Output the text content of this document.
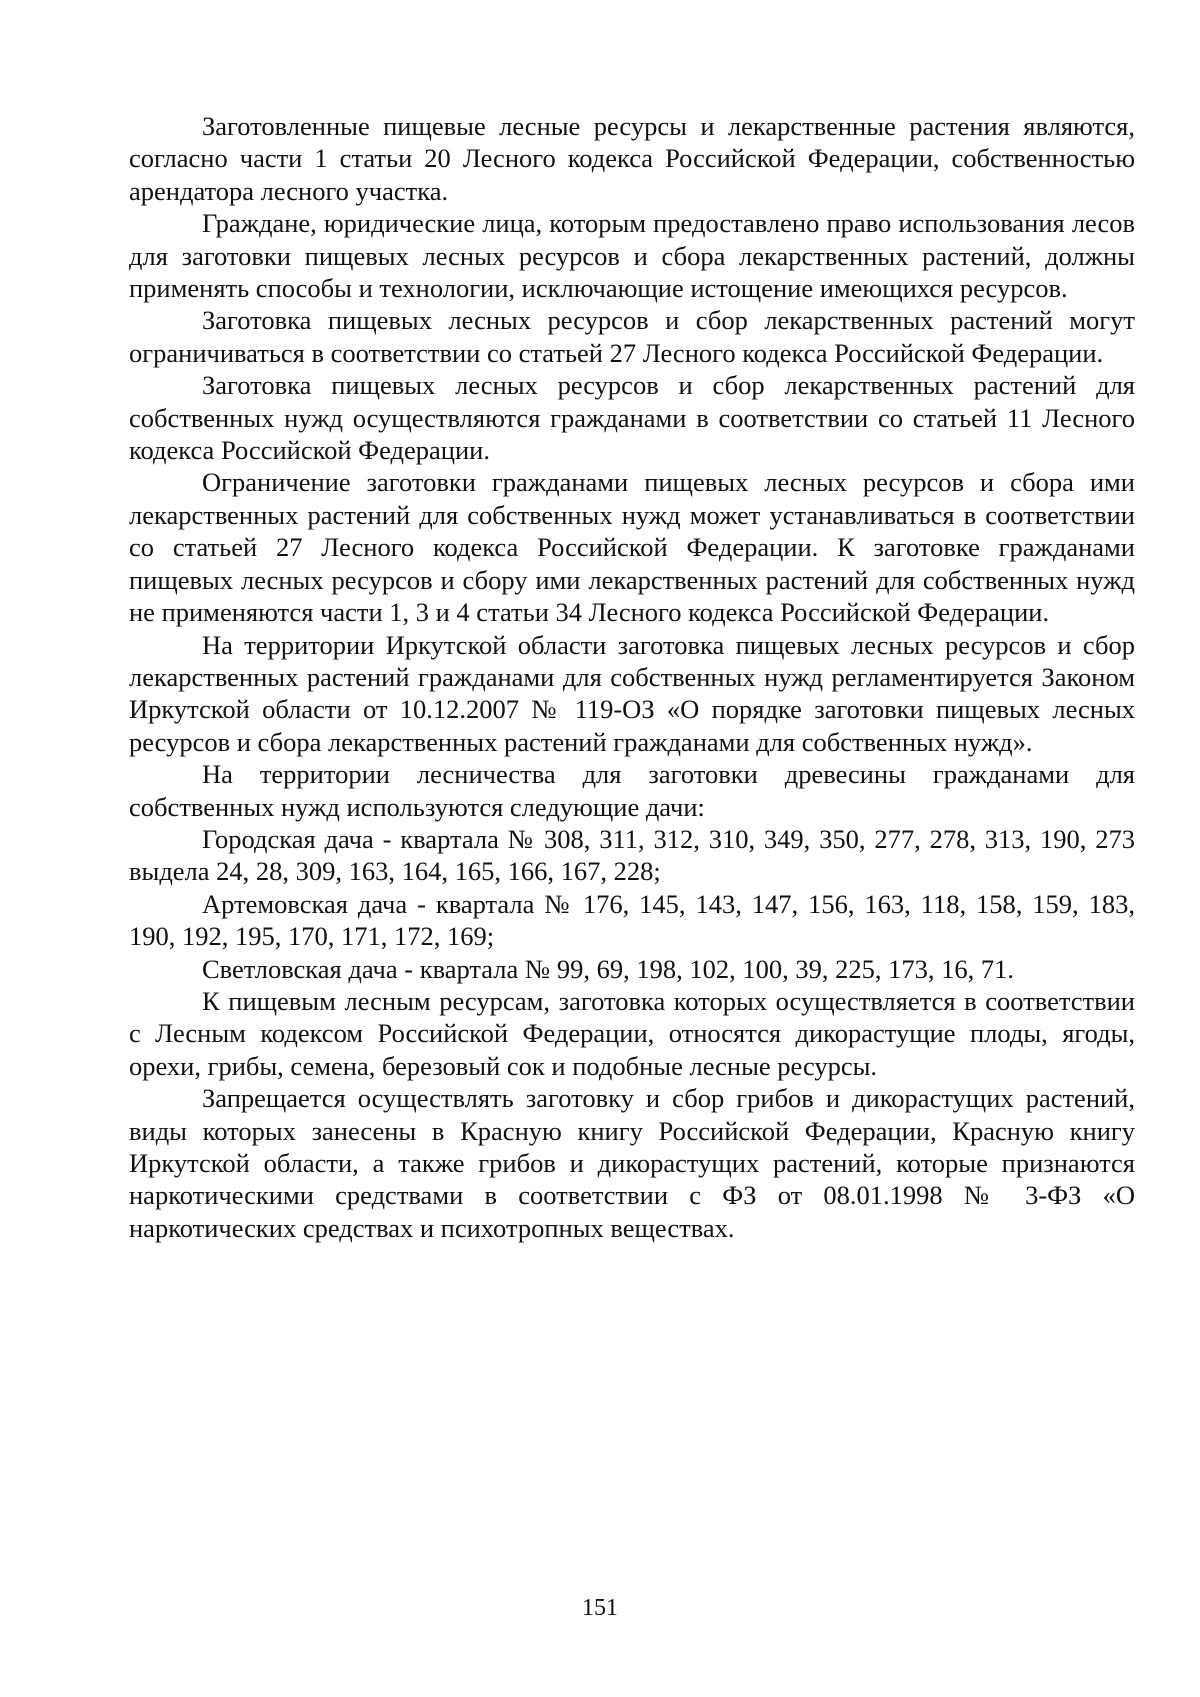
Заготовленные пищевые лесные ресурсы и лекарственные растения являются, согласно части 1 статьи 20 Лесного кодекса Российской Федерации, собственностью арендатора лесного участка.

Граждане, юридические лица, которым предоставлено право использования лесов для заготовки пищевых лесных ресурсов и сбора лекарственных растений, должны применять способы и технологии, исключающие истощение имеющихся ресурсов.

Заготовка пищевых лесных ресурсов и сбор лекарственных растений могут ограничиваться в соответствии со статьей 27 Лесного кодекса Российской Федерации.

Заготовка пищевых лесных ресурсов и сбор лекарственных растений для собственных нужд осуществляются гражданами в соответствии со статьей 11 Лесного кодекса Российской Федерации.

Ограничение заготовки гражданами пищевых лесных ресурсов и сбора ими лекарственных растений для собственных нужд может устанавливаться в соответствии со статьей 27 Лесного кодекса Российской Федерации. К заготовке гражданами пищевых лесных ресурсов и сбору ими лекарственных растений для собственных нужд не применяются части 1, 3 и 4 статьи 34 Лесного кодекса Российской Федерации.

На территории Иркутской области заготовка пищевых лесных ресурсов и сбор лекарственных растений гражданами для собственных нужд регламентируется Законом Иркутской области от 10.12.2007 № 119-ОЗ «О порядке заготовки пищевых лесных ресурсов и сбора лекарственных растений гражданами для собственных нужд».

На территории лесничества для заготовки древесины гражданами для собственных нужд используются следующие дачи:

Городская дача - квартала № 308, 311, 312, 310, 349, 350, 277, 278, 313, 190, 273 выдела 24, 28, 309, 163, 164, 165, 166, 167, 228;

Артемовская дача - квартала № 176, 145, 143, 147, 156, 163, 118, 158, 159, 183, 190, 192, 195, 170, 171, 172, 169;

Светловская дача - квартала № 99, 69, 198, 102, 100, 39, 225, 173, 16, 71.

К пищевым лесным ресурсам, заготовка которых осуществляется в соответствии с Лесным кодексом Российской Федерации, относятся дикорастущие плоды, ягоды, орехи, грибы, семена, березовый сок и подобные лесные ресурсы.

Запрещается осуществлять заготовку и сбор грибов и дикорастущих растений, виды которых занесены в Красную книгу Российской Федерации, Красную книгу Иркутской области, а также грибов и дикорастущих растений, которые признаются наркотическими средствами в соответствии с ФЗ от 08.01.1998 № 3-ФЗ «О наркотических средствах и психотропных веществах.

151
